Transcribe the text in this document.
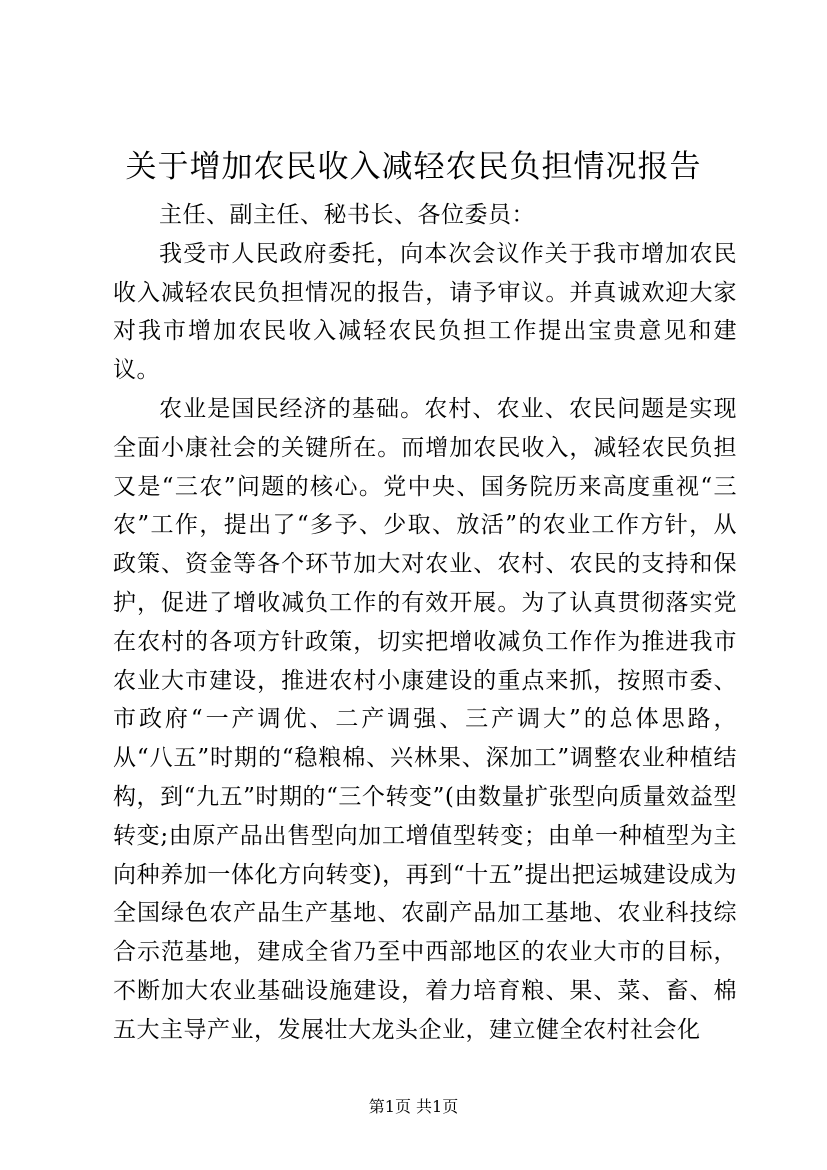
关于增加农民收入减轻农民负担情况报告

主任、副主任、秘书长、各位委员：

我受市人民政府委托，向本次会议作关于我市增加农民收入减轻农民负担情况的报告，请予审议。并真诚欢迎大家对我市增加农民收入减轻农民负担工作提出宝贵意见和建议。

农业是国民经济的基础。农村、农业、农民问题是实现全面小康社会的关键所在。而增加农民收入，减轻农民负担又是“三农”问题的核心。党中央、国务院历来高度重视“三农”工作，提出了“多予、少取、放活”的农业工作方针，从政策、资金等各个环节加大对农业、农村、农民的支持和保护，促进了增收减负工作的有效开展。为了认真贯彻落实党在农村的各项方针政策，切实把增收减负工作作为推进我市农业大市建设，推进农村小康建设的重点来抓，按照市委、市政府“一产调优、二产调强、三产调大”的总体思路，从“八五”时期的“稳粮棉、兴林果、深加工”调整农业种植结构，到“九五”时期的“三个转变”(由数量扩张型向质量效益型转变;由原产品出售型向加工增值型转变；由单一种植型为主向种养加一体化方向转变)，再到“十五”提出把运城建设成为全国绿色农产品生产基地、农副产品加工基地、农业科技综合示范基地，建成全省乃至中西部地区的农业大市的目标，不断加大农业基础设施建设，着力培育粮、果、菜、畜、棉五大主导产业，发展壮大龙头企业，建立健全农村社会化

第1页 共1页
